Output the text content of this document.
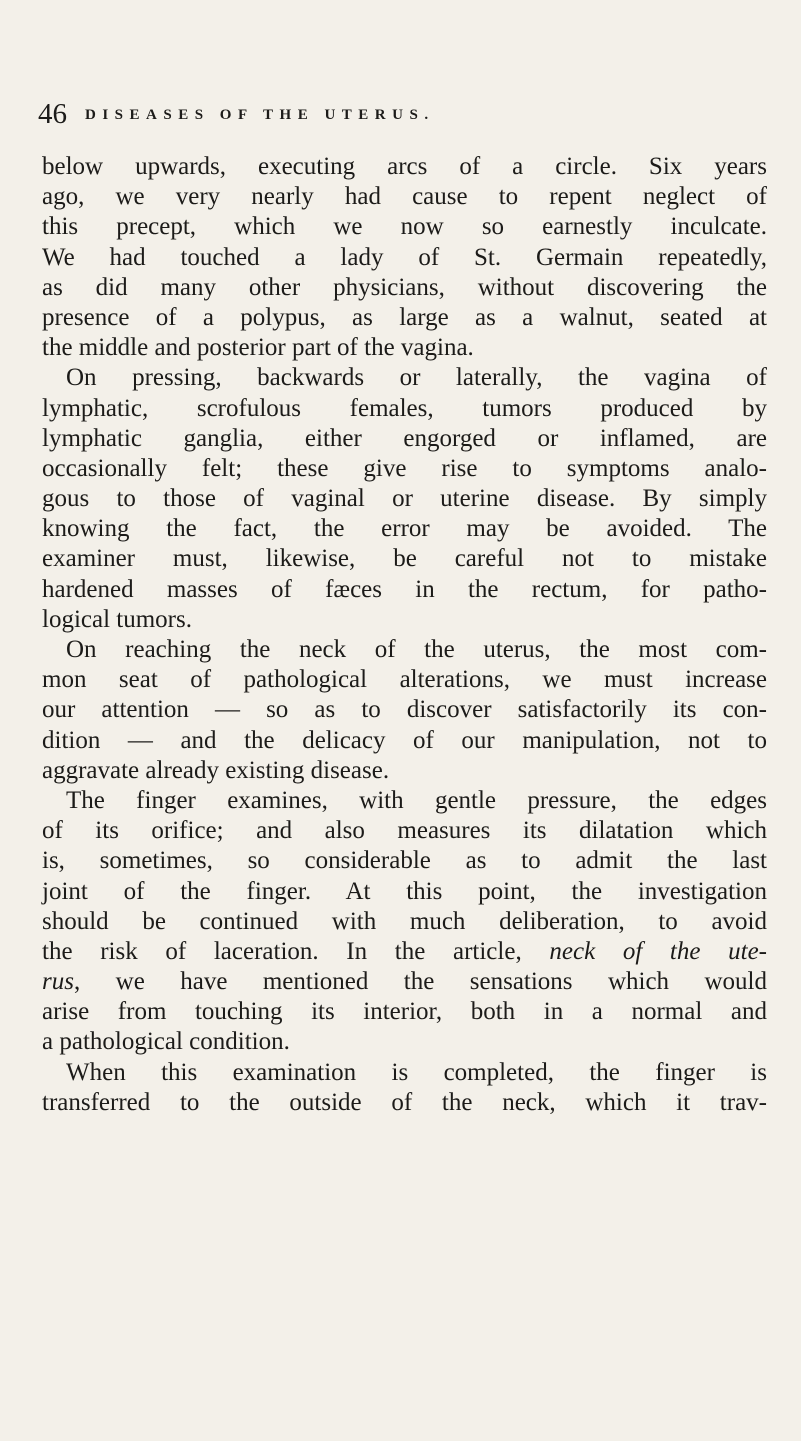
46 DISEASES OF THE UTERUS.
below upwards, executing arcs of a circle. Six years
ago, we very nearly had cause to repent neglect of
this precept, which we now so earnestly inculcate.
We had touched a lady of St. Germain repeatedly,
as did many other physicians, without discovering the
presence of a polypus, as large as a walnut, seated at
the middle and posterior part of the vagina.
On pressing, backwards or laterally, the vagina of
lymphatic, scrofulous females, tumors produced by
lymphatic ganglia, either engorged or inflamed, are
occasionally felt; these give rise to symptoms analo-
gous to those of vaginal or uterine disease. By simply
knowing the fact, the error may be avoided. The
examiner must, likewise, be careful not to mistake
hardened masses of fæces in the rectum, for patho-
logical tumors.
On reaching the neck of the uterus, the most com-
mon seat of pathological alterations, we must increase
our attention — so as to discover satisfactorily its con-
dition — and the delicacy of our manipulation, not to
aggravate already existing disease.
The finger examines, with gentle pressure, the edges
of its orifice; and also measures its dilatation which
is, sometimes, so considerable as to admit the last
joint of the finger. At this point, the investigation
should be continued with much deliberation, to avoid
the risk of laceration. In the article, neck of the ute-
rus, we have mentioned the sensations which would
arise from touching its interior, both in a normal and
a pathological condition.
When this examination is completed, the finger is
transferred to the outside of the neck, which it trav-
